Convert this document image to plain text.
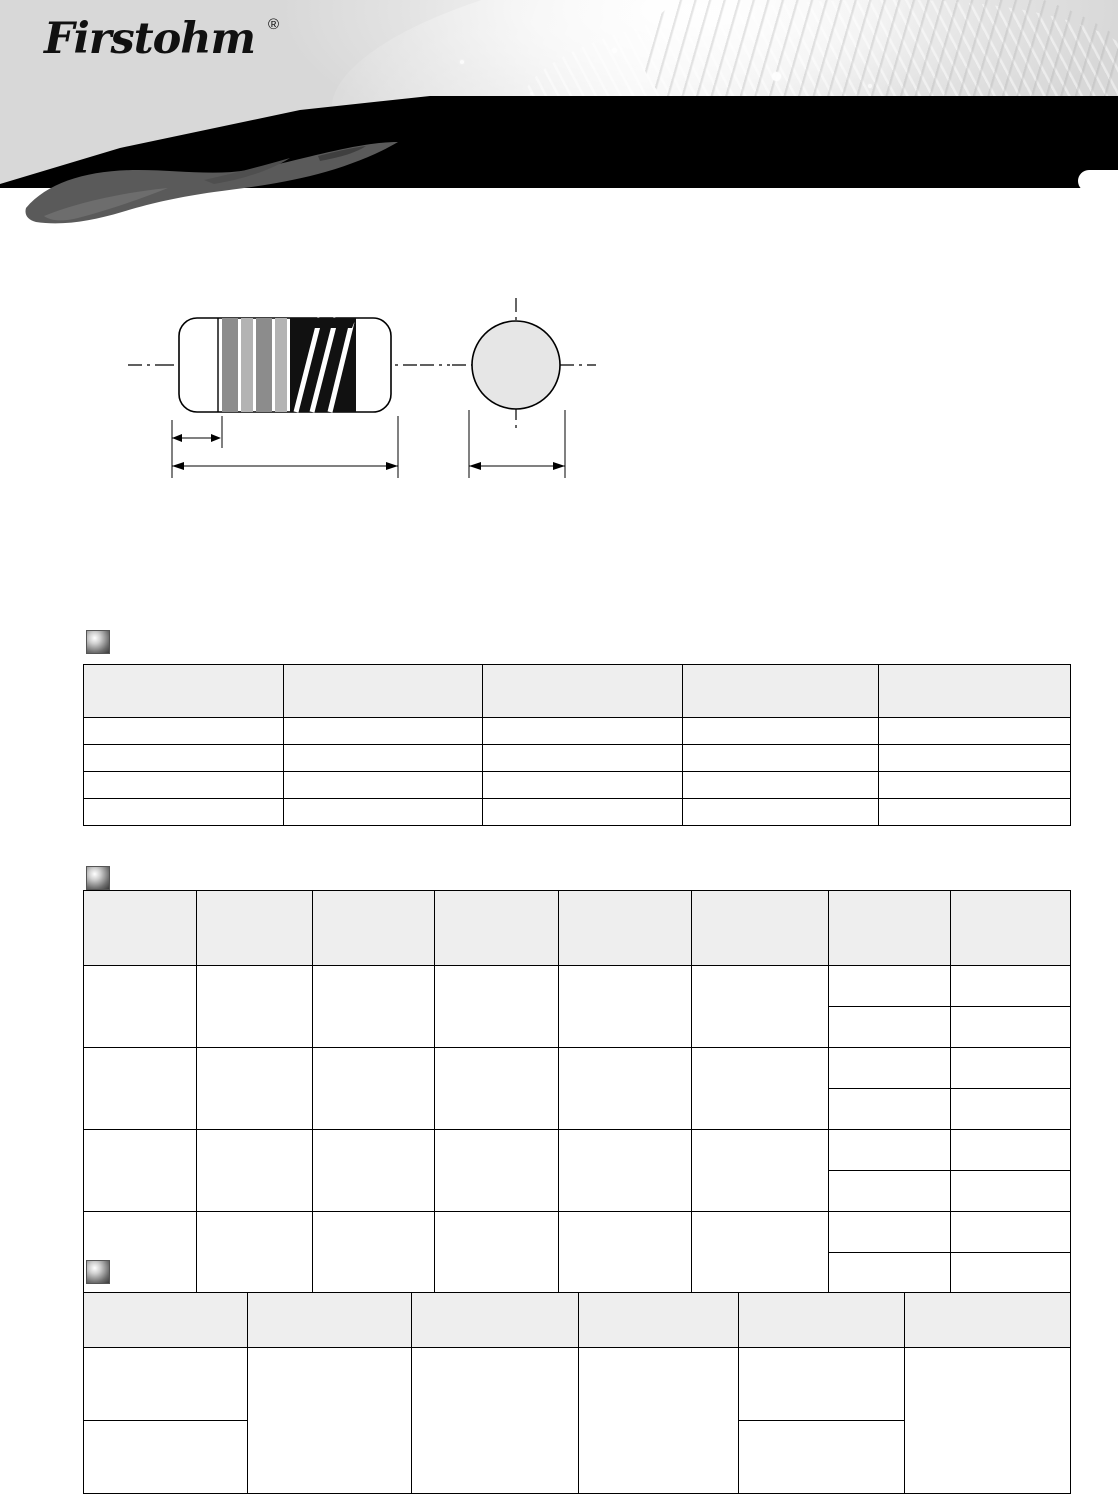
Firstohm ®
